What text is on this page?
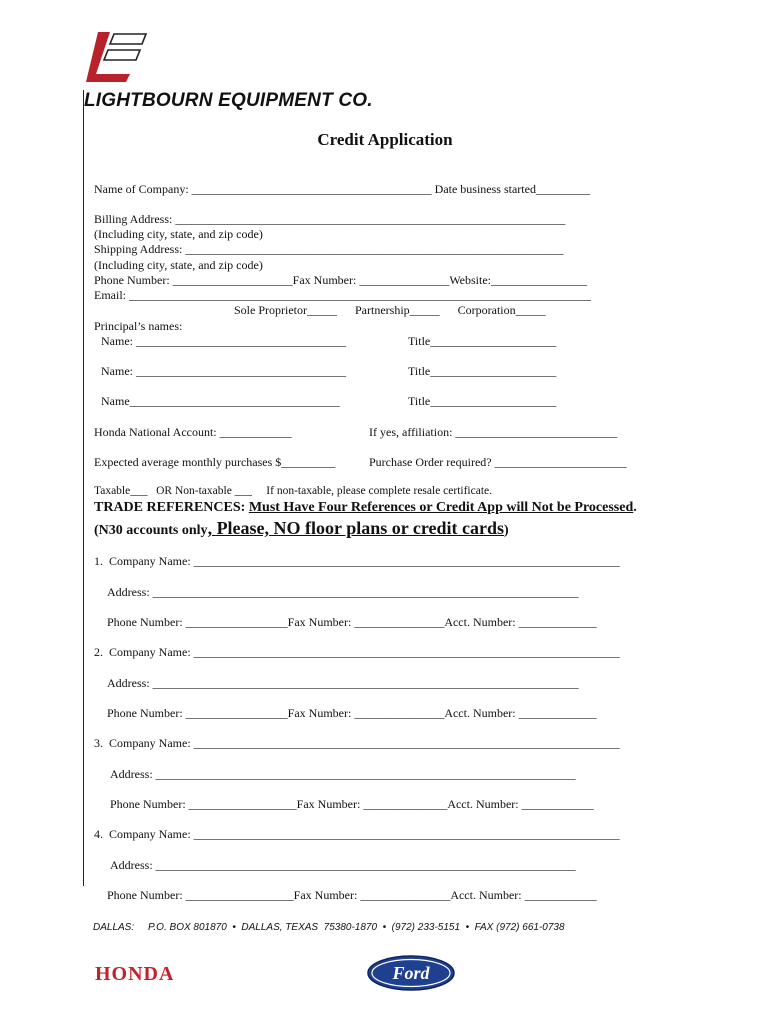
LIGHTBOURN EQUIPMENT CO.
Credit Application
Name of Company: ________________________________________ Date business started_________
Billing Address: _________________________________________________________________
(Including city, state, and zip code)
Shipping Address: _______________________________________________________________
(Including city, state, and zip code)
Phone Number: ____________________Fax Number: _______________Website:________________
Email: _____________________________________________________________________________
Sole Proprietor_____      Partnership_____      Corporation_____
Principal’s names:
Name: ___________________________________	Title_____________________
Name: ___________________________________	Title_____________________
Name___________________________________	Title_____________________
Honda National Account: ____________	If yes, affiliation: ___________________________
Expected average monthly purchases $_________	Purchase Order required? ______________________
Taxable___   OR Non-taxable ___     If non-taxable, please complete resale certificate.
TRADE REFERENCES: Must Have Four References or Credit App will Not be Processed.
(N30 accounts only, Please, NO floor plans or credit cards)
1.  Company Name: _______________________________________________________________________
Address: _______________________________________________________________________
Phone Number: _________________Fax Number: _______________Acct. Number: _____________
2.  Company Name: _______________________________________________________________________
Address: _______________________________________________________________________
Phone Number: _________________Fax Number: _______________Acct. Number: _____________
3.  Company Name: _______________________________________________________________________
Address: ______________________________________________________________________
Phone Number: __________________Fax Number: ______________Acct. Number: ____________
4.  Company Name: _______________________________________________________________________
Address: ______________________________________________________________________
Phone Number: __________________Fax Number: _______________Acct. Number: ____________
DALLAS:     P.O. BOX 801870  •  DALLAS, TEXAS  75380-1870  •  (972) 233-5151  •  FAX (972) 661-0738
HONDA	Ford
